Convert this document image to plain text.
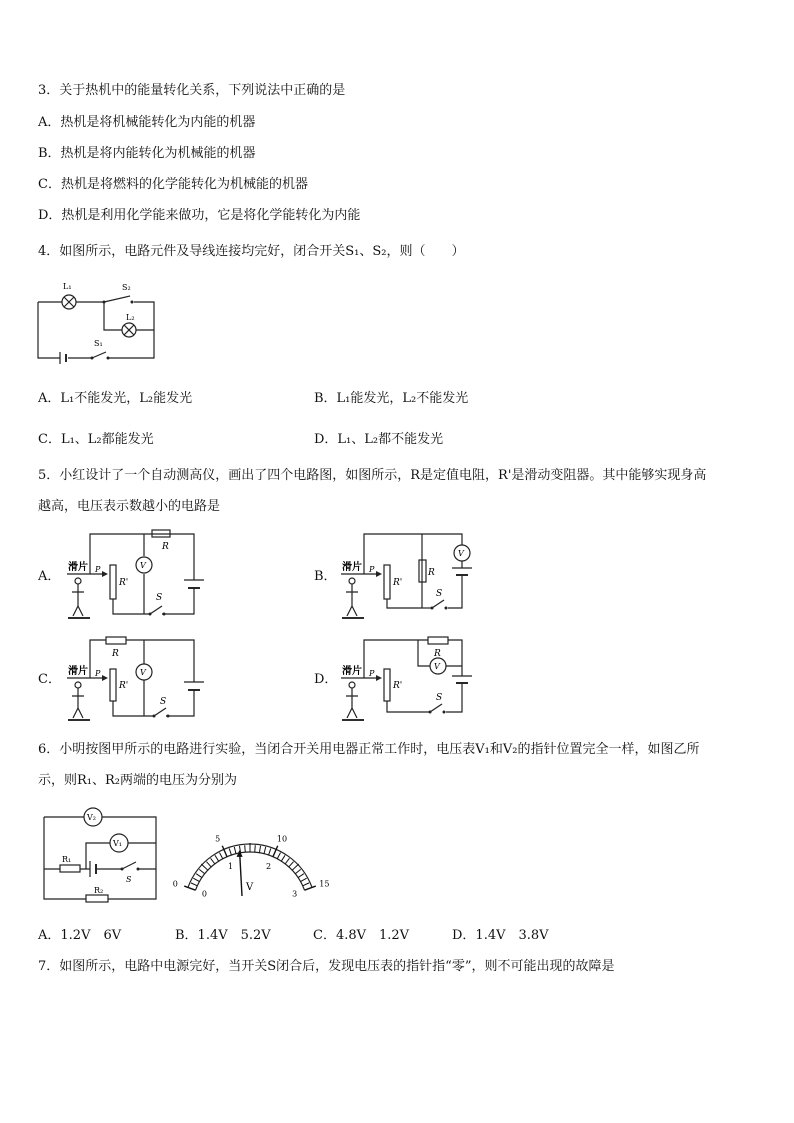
3．关于热机中的能量转化关系，下列说法中正确的是
A．热机是将机械能转化为内能的机器
B．热机是将内能转化为机械能的机器
C．热机是将燃料的化学能转化为机械能的机器
D．热机是利用化学能来做功，它是将化学能转化为内能
4．如图所示，电路元件及导线连接均完好，闭合开关S₁、S₂，则（　　）
L₁	S₂
L₂
S₁
A．L₁不能发光，L₂能发光	B．L₁能发光，L₂不能发光
C．L₁、L₂都能发光	D．L₁、L₂都不能发光
5．小红设计了一个自动测高仪，画出了四个电路图，如图所示，R是定值电阻，R'是滑动变阻器。其中能够实现身高
越高，电压表示数越小的电路是
A．
滑片 P
R'
V
R
S
B．
滑片 P
R'
R
V
S
C．
滑片 P
R'
R
V
S
D．
滑片 P
R'
R
V
S
6．小明按图甲所示的电路进行实验，当闭合开关用电器正常工作时，电压表V₁和V₂的指针位置完全一样，如图乙所
示，则R₁、R₂两端的电压为分别为
V₂
R₂
R₁
S
V₁
0
5	10
15
0
1	2
3
V
A．1.2V　6V	B．1.4V　5.2V	C．4.8V　1.2V	D．1.4V　3.8V
7．如图所示，电路中电源完好，当开关S闭合后，发现电压表的指针指“零”，则不可能出现的故障是
